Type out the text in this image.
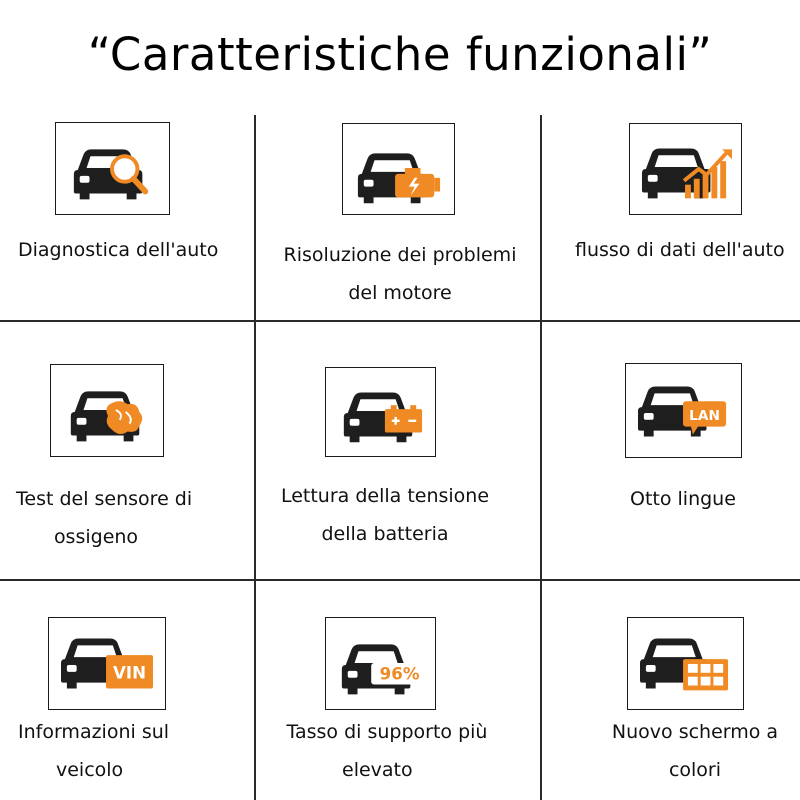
“Caratteristiche funzionali”
Diagnostica dell'auto	Risoluzione dei problemi
del motore
flusso di dati dell'auto
Test del sensore di
ossigeno
Lettura della tensione
della batteria
LAN
Otto lingue
VIN
Informazioni sul
veicolo
96%
Tasso di supporto più
elevato
Nuovo schermo a
colori
